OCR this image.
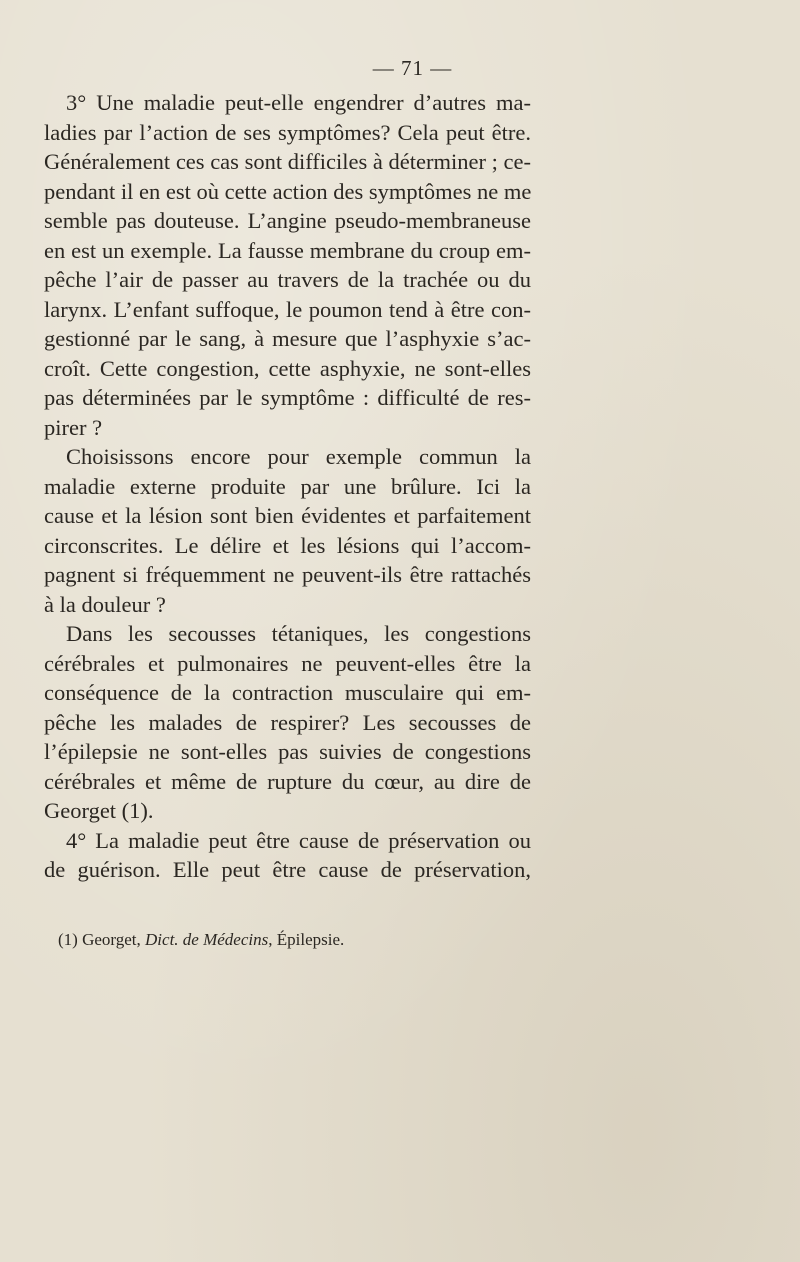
— 71 —
3° Une maladie peut-elle engendrer d’autres ma-
ladies par l’action de ses symptômes? Cela peut être.
Généralement ces cas sont difficiles à déterminer ; ce-
pendant il en est où cette action des symptômes ne me
semble pas douteuse. L’angine pseudo-membraneuse
en est un exemple. La fausse membrane du croup em-
pêche l’air de passer au travers de la trachée ou du
larynx. L’enfant suffoque, le poumon tend à être con-
gestionné par le sang, à mesure que l’asphyxie s’ac-
croît. Cette congestion, cette asphyxie, ne sont-elles
pas déterminées par le symptôme : difficulté de res-
pirer ?
Choisissons encore pour exemple commun la
maladie externe produite par une brûlure. Ici la
cause et la lésion sont bien évidentes et parfaitement
circonscrites. Le délire et les lésions qui l’accom-
pagnent si fréquemment ne peuvent-ils être rattachés
à la douleur ?
Dans les secousses tétaniques, les congestions
cérébrales et pulmonaires ne peuvent-elles être la
conséquence de la contraction musculaire qui em-
pêche les malades de respirer? Les secousses de
l’épilepsie ne sont-elles pas suivies de congestions
cérébrales et même de rupture du cœur, au dire de
Georget (1).
4° La maladie peut être cause de préservation ou
de guérison. Elle peut être cause de préservation,
(1) Georget, Dict. de Médecins, Épilepsie.
